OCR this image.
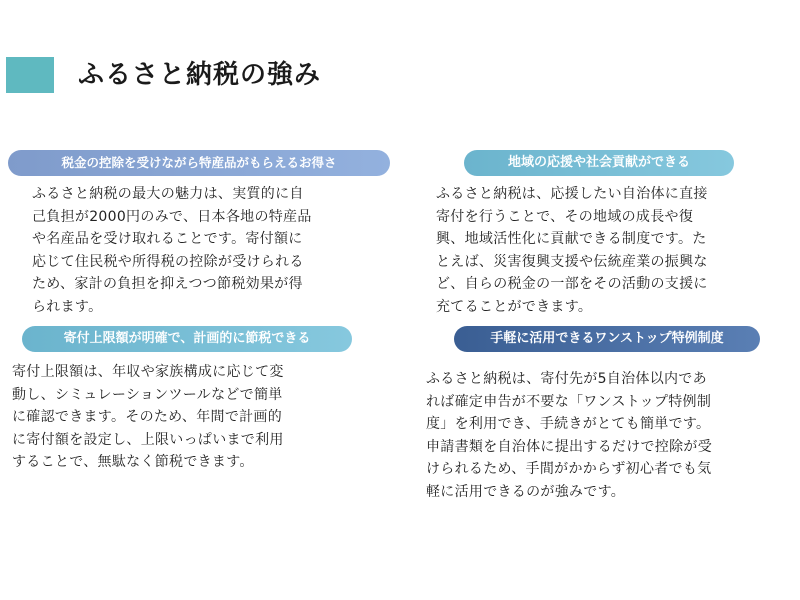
ふるさと納税の強み
税金の控除を受けながら特産品がもらえるお得さ
ふるさと納税の最大の魅力は、実質的に自
己負担が2000円のみで、日本各地の特産品
や名産品を受け取れることです。寄付額に
応じて住民税や所得税の控除が受けられる
ため、家計の負担を抑えつつ節税効果が得
られます。
地域の応援や社会貢献ができる
ふるさと納税は、応援したい自治体に直接
寄付を行うことで、その地域の成長や復
興、地域活性化に貢献できる制度です。た
とえば、災害復興支援や伝統産業の振興な
ど、自らの税金の一部をその活動の支援に
充てることができます。
寄付上限額が明確で、計画的に節税できる
寄付上限額は、年収や家族構成に応じて変
動し、シミュレーションツールなどで簡単
に確認できます。そのため、年間で計画的
に寄付額を設定し、上限いっぱいまで利用
することで、無駄なく節税できます。
手軽に活用できるワンストップ特例制度
ふるさと納税は、寄付先が5自治体以内であ
れば確定申告が不要な「ワンストップ特例制
度」を利用でき、手続きがとても簡単です。
申請書類を自治体に提出するだけで控除が受
けられるため、手間がかからず初心者でも気
軽に活用できるのが強みです。
